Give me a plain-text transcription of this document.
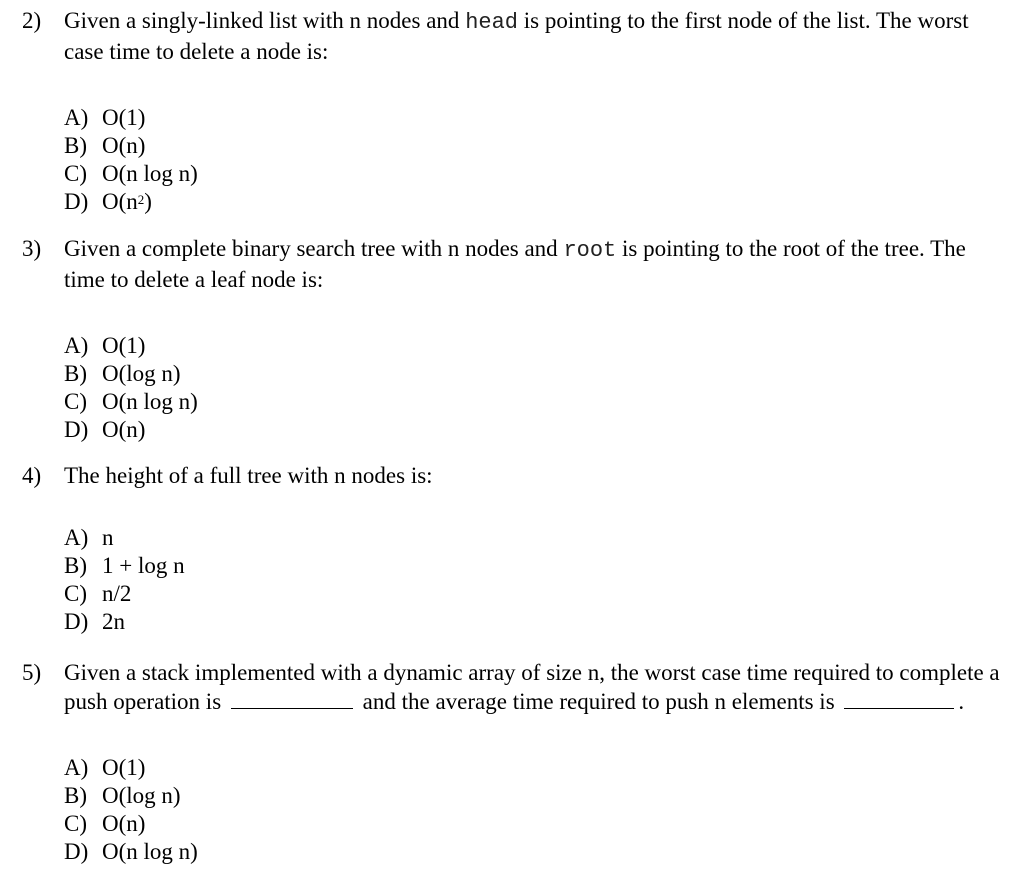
2) Given a singly-linked list with n nodes and head is pointing to the first node of the list. The worst case time to delete a node is:
A) O(1)
B) O(n)
C) O(n log n)
D) $O(n^2)$
3) Given a complete binary search tree with n nodes and root is pointing to the root of the tree. The time to delete a leaf node is:
A) O(1)
B) O(log n)
C) O(n log n)
D) O(n)
4) The height of a full tree with n nodes is:
A) n
B) 1 + log n
C) n/2
D) 2n
5) Given a stack implemented with a dynamic array of size n, the worst case time required to complete a push operation is	and the average time required to push n elements is	.
A) O(1)
B) O(log n)
C) O(n)
D) O(n log n)
